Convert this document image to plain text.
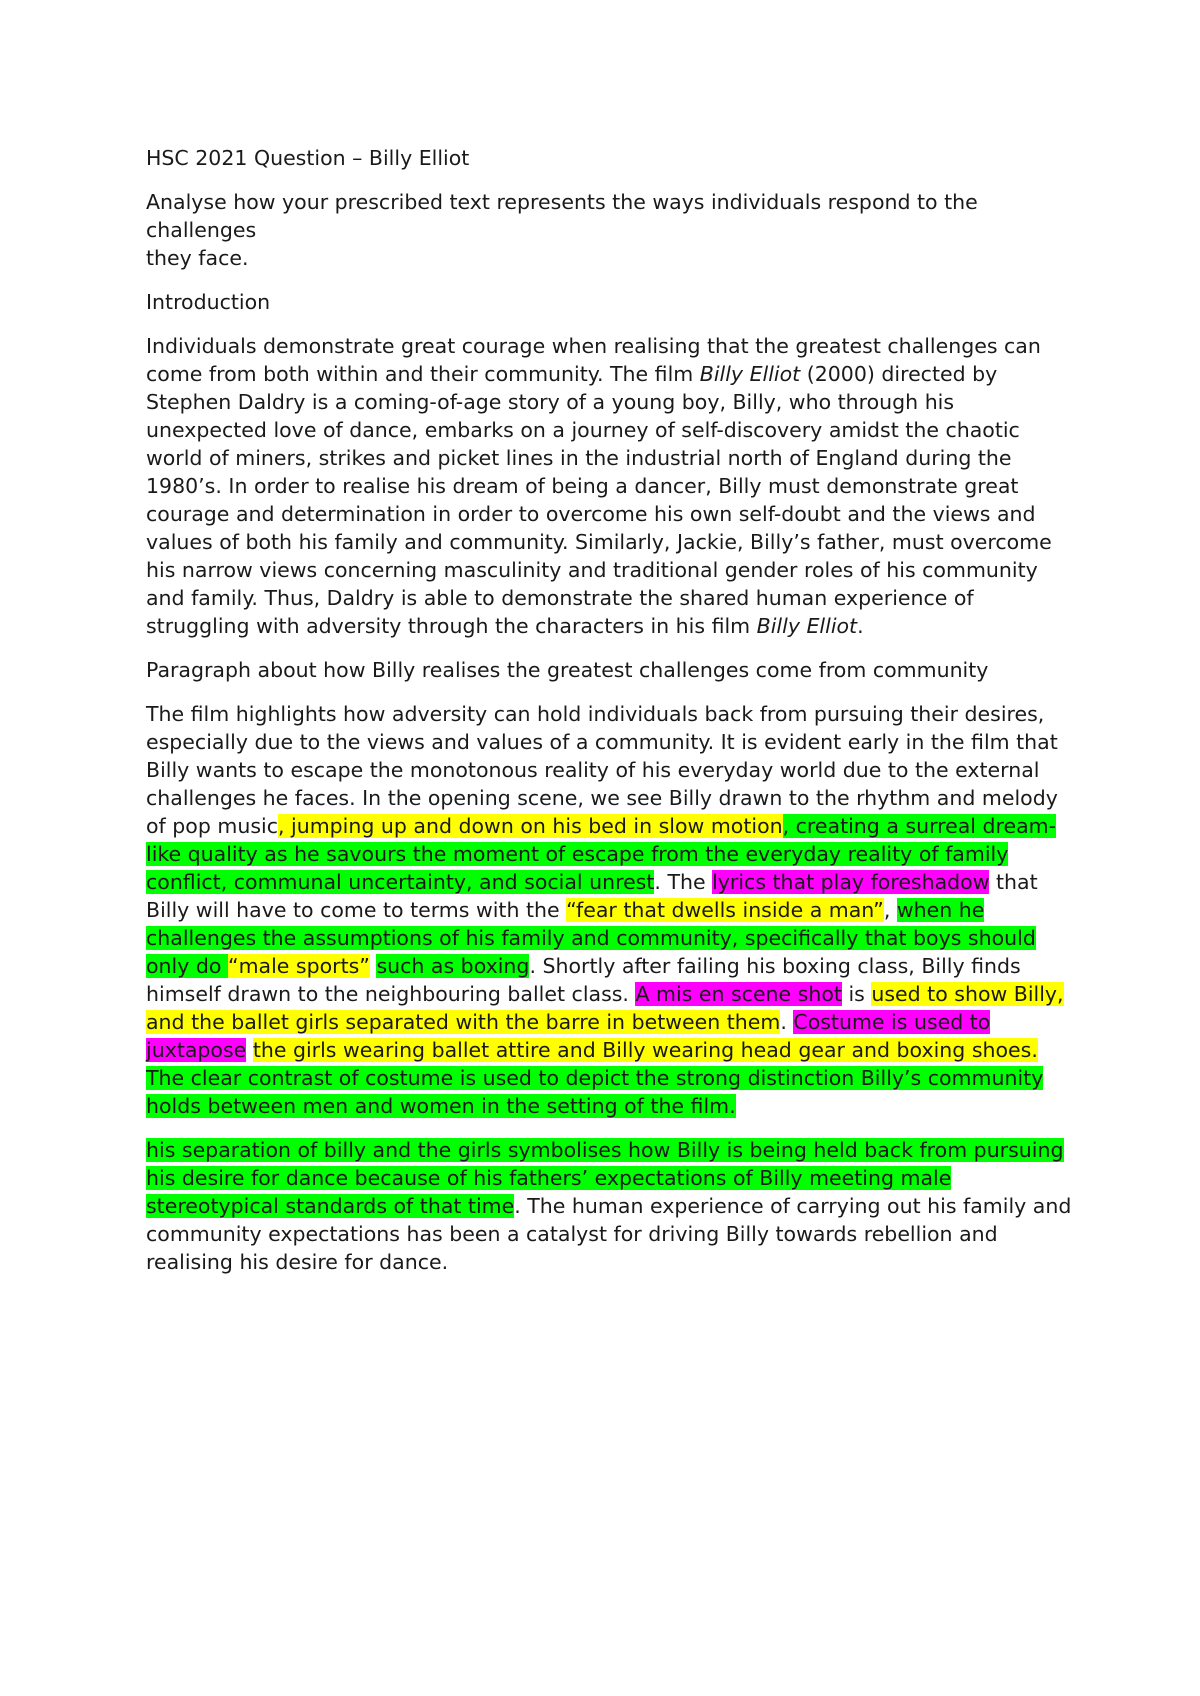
HSC 2021 Question – Billy Elliot

Analyse how your prescribed text represents the ways individuals respond to the
challenges
they face.

Introduction

Individuals demonstrate great courage when realising that the greatest challenges can come from both within and their community. The film Billy Elliot (2000) directed by Stephen Daldry is a coming-of-age story of a young boy, Billy, who through his unexpected love of dance, embarks on a journey of self-discovery amidst the chaotic world of miners, strikes and picket lines in the industrial north of England during the 1980’s. In order to realise his dream of being a dancer, Billy must demonstrate great courage and determination in order to overcome his own self-doubt and the views and values of both his family and community. Similarly, Jackie, Billy’s father, must overcome his narrow views concerning masculinity and traditional gender roles of his community and family. Thus, Daldry is able to demonstrate the shared human experience of struggling with adversity through the characters in his film Billy Elliot.

Paragraph about how Billy realises the greatest challenges come from community

The film highlights how adversity can hold individuals back from pursuing their desires, especially due to the views and values of a community. It is evident early in the film that Billy wants to escape the monotonous reality of his everyday world due to the external challenges he faces. In the opening scene, we see Billy drawn to the rhythm and melody of pop music, jumping up and down on his bed in slow motion, creating a surreal dream-like quality as he savours the moment of escape from the everyday reality of family conflict, communal uncertainty, and social unrest. The lyrics that play foreshadow that Billy will have to come to terms with the “fear that dwells inside a man”, when he challenges the assumptions of his family and community, specifically that boys should only do “male sports” such as boxing. Shortly after failing his boxing class, Billy finds himself drawn to the neighbouring ballet class. A mis en scene shot is used to show Billy, and the ballet girls separated with the barre in between them. Costume is used to juxtapose the girls wearing ballet attire and Billy wearing head gear and boxing shoes. The clear contrast of costume is used to depict the strong distinction Billy’s community holds between men and women in the setting of the film.

his separation of billy and the girls symbolises how Billy is being held back from pursuing his desire for dance because of his fathers’ expectations of Billy meeting male stereotypical standards of that time. The human experience of carrying out his family and community expectations has been a catalyst for driving Billy towards rebellion and realising his desire for dance.
